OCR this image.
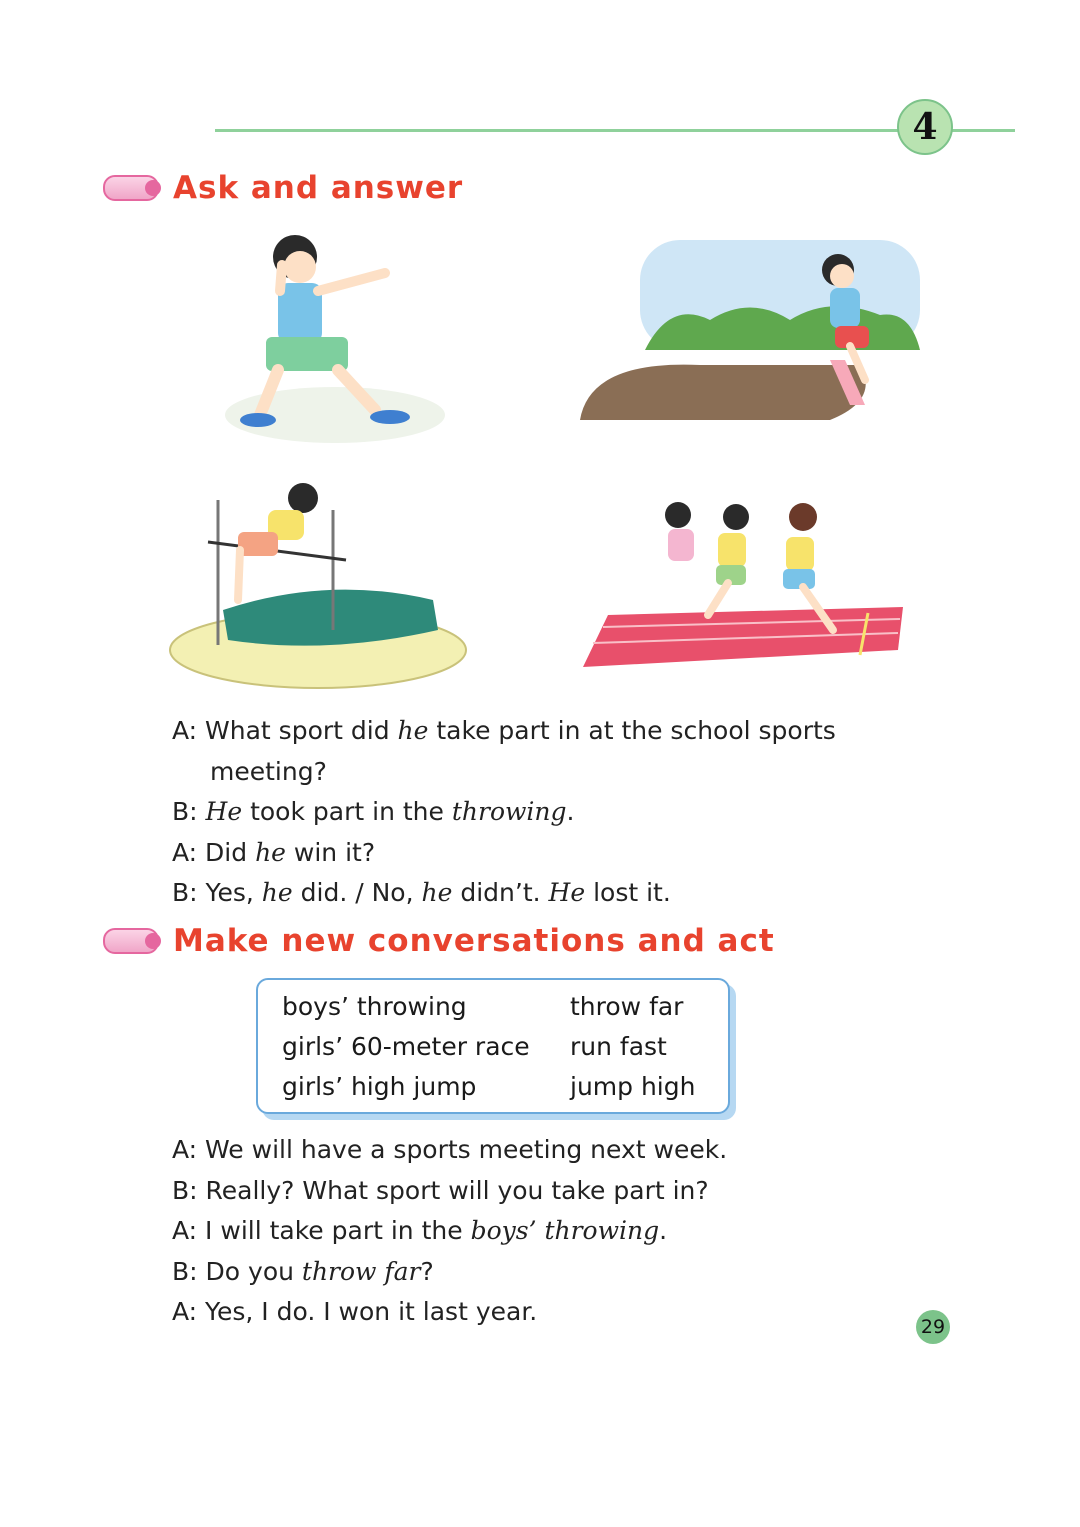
4
Ask and answer
A: What sport did he take part in at the school sports
meeting?
B: He took part in the throwing.
A: Did he win it?
B: Yes, he did. / No, he didn’t. He lost it.
Make new conversations and act
boys’ throwing	throw far
girls’ 60-meter race	run fast
girls’ high jump	jump high
A: We will have a sports meeting next week.
B: Really? What sport will you take part in?
A: I will take part in the boys’ throwing.
B: Do you throw far?
A: Yes, I do. I won it last year.
29
